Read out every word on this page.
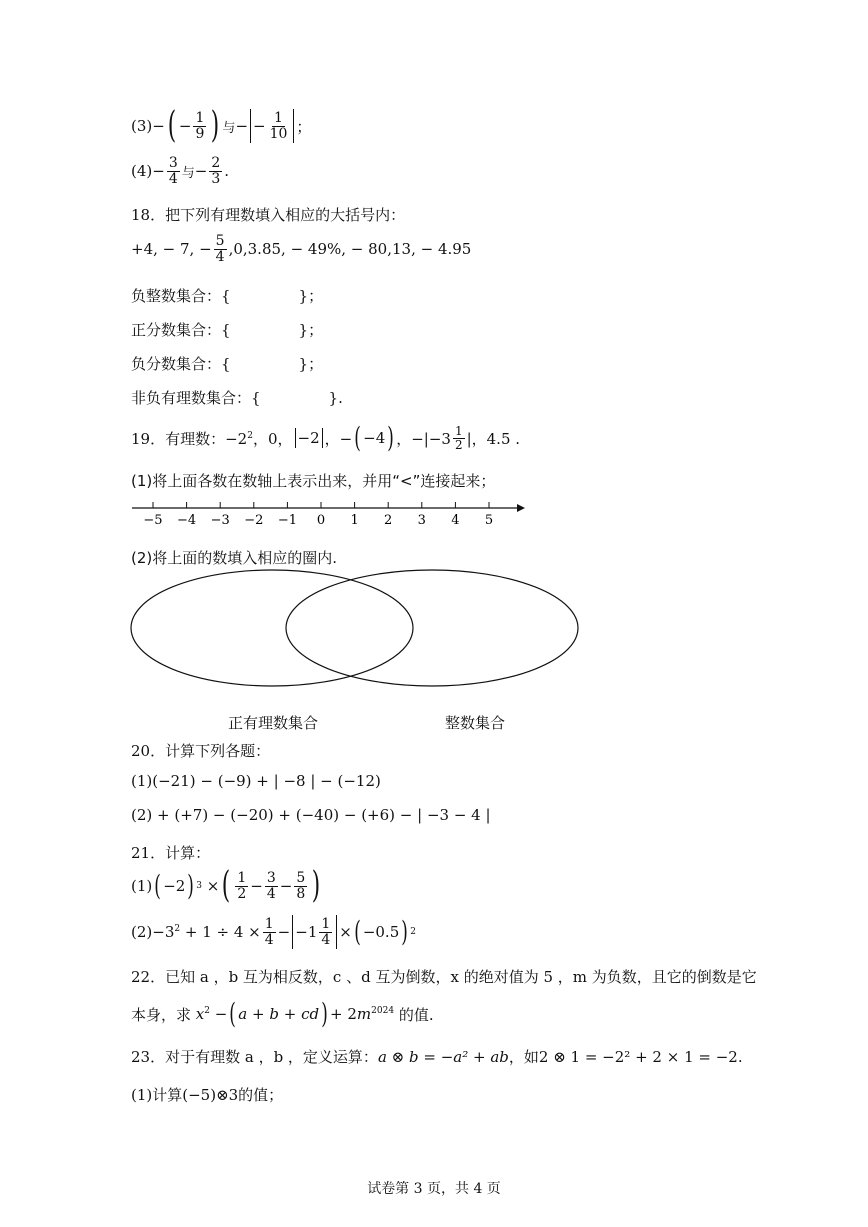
(3) − ( − $\frac{1}{9}$ ) 与 − − $\frac{1}{10}$ ；
$(4) - \frac{3}{4}$ 与 − $\frac{2}{3}$ .
18．把下列有理数填入相应的大括号内：
+4, − 7, − $\frac{5}{4} ,0,3.85$, − 49%, − 80,13, − 4.95
负整数集合：{	}；
正分数集合：{	}；
负分数集合：{	}；
非负有理数集合：{	}.
19．有理数： $-2^2$，0， −2 ，− ( −4 ) ，$-|-3 \frac{1}{2}$ |，4.5 .
(1)将上面各数在数轴上表示出来，并用“<”连接起来；
−5 −4 −3 −2 −1 0 1 2 3 4 5
(2)将上面的数填入相应的圈内.
正有理数集合	整数集合
20．计算下列各题：
(1)(−21) − (−9) + | −8 | − (−12)
(2) + (+7) − (−20) + (−40) − (+6) − | −3 − 4 |
21．计算：
(1) ( −2 ) 3 × ( $\frac{1}{2} - \frac{3}{4} - \frac{5}{8}$ )
$(2) -3^2 + 1 \div 4 \times \frac{1}{4} - -1 \frac{1}{4}$ × ( −0.5 ) 2
22．已知 a ，b 互为相反数，c 、d 互为倒数，x 的绝对值为 5 ，m 为负数，且它的倒数是它
本身，求 $x^2$ − ( a + b + cd ) + $2m^{2024}$ 的值.
23．对于有理数 a ，b ，定义运算： a ⊗ b = −a² + ab ，如 2 ⊗ 1 = −2² + 2 × 1 = −2 .
(1)计算(−5)⊗3的值；
试卷第 3 页，共 4 页
